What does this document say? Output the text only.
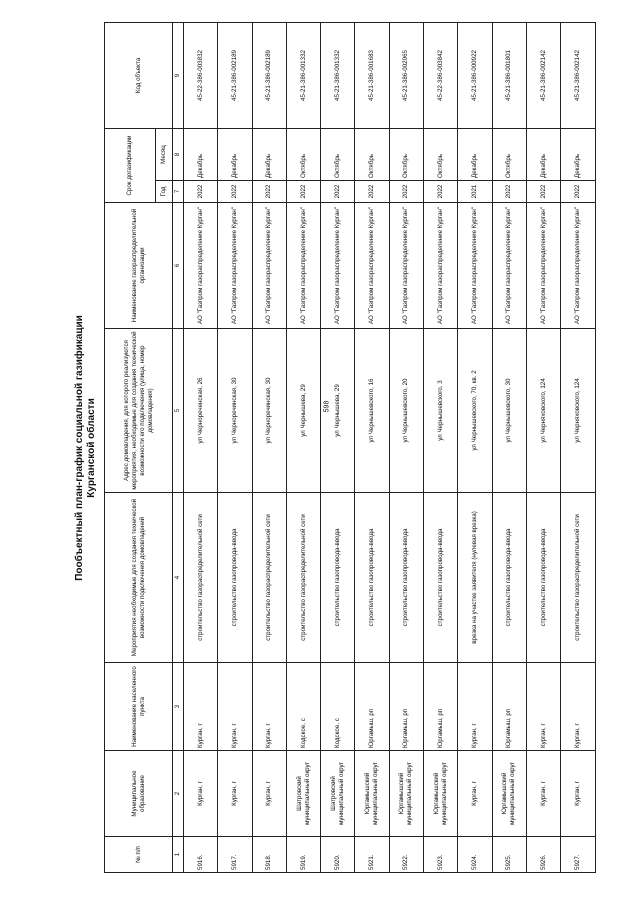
598
Пообъектный план-график социальной газификации Курганской области
№ п/п	Муниципальное образование	Наименование населенного пункта	Мероприятия необходимые для создания технической возможности подключения домовладений	Адрес домовладения, для которого реализуются мероприятия, необходимые для создания технической возможности его подключения (улица, номер домовладения)	Наименование газораспределительной организации	Срок догазификации		Код объекта
						Год	Месяц	
1	2	3	4	5	6	7	8	9
5916.	Курган, г	Курган, г	строительство газораспределительной сети	ул Чернореченская, 26	АО "Газпром газораспределение Курган"	2022	Декабрь	45-22-386-003832
5917.	Курган, г	Курган, г	строительство газопровода-ввода	ул Черноречинская, 30	АО "Газпром газораспределение Курган"	2022	Декабрь	45-21-386-002189
5918.	Курган, г	Курган, г	строительство газораспределительной сети	ул Черноречинская, 30	АО "Газпром газораспределение Курган"	2022	Декабрь	45-21-386-002189
5919.	Шатровский муниципальный округ	Кодское, с	строительство газораспределительной сети	ул Чернышева, 29	АО "Газпром газораспределение Курган"	2022	Октябрь	45-21-386-001332
5920.	Шатровский муниципальный округ	Кодское, с	строительство газопровода-ввода	ул Чернышева, 29	АО "Газпром газораспределение Курган"	2022	Октябрь	45-21-386-001332
5921.	Юргамышский муниципальный округ	Юргамыш, рп	строительство газопровода-ввода	ул Чернышевского, 16	АО "Газпром газораспределение Курган"	2022	Октябрь	45-21-386-001683
5922.	Юргамышский муниципальный округ	Юргамыш, рп	строительство газопровода-ввода	ул Чернышевского, 20	АО "Газпром газораспределение Курган"	2022	Октябрь	45-21-386-002065
5923.	Юргамышский муниципальный округ	Юргамыш, рп	строительство газопровода-ввода	ул Чернышевского, 3	АО "Газпром газораспределение Курган"	2022	Октябрь	45-22-386-003842
5924.	Курган, г	Курган, г	врезка на участке заявителя (нулевая врезка)	ул Чернышевского, 70, кв. 2	АО "Газпром газораспределение Курган"	2021	Декабрь	45-21-386-000922
5925.	Юргамышский муниципальный округ	Юргамыш, рп	строительство газопровода-ввода	ул Чернышевского, 30	АО "Газпром газораспределение Курган"	2022	Октябрь	45-21-386-001801
5926.	Курган, г	Курган, г	строительство газопровода-ввода	ул Черняховского, 124	АО "Газпром газораспределение Курган"	2022	Декабрь	45-21-386-002142
5927.	Курган, г	Курган, г	строительство газораспределительной сети	ул Черняховского, 124	АО "Газпром газораспределение Курган"	2022	Декабрь	45-21-386-002142
